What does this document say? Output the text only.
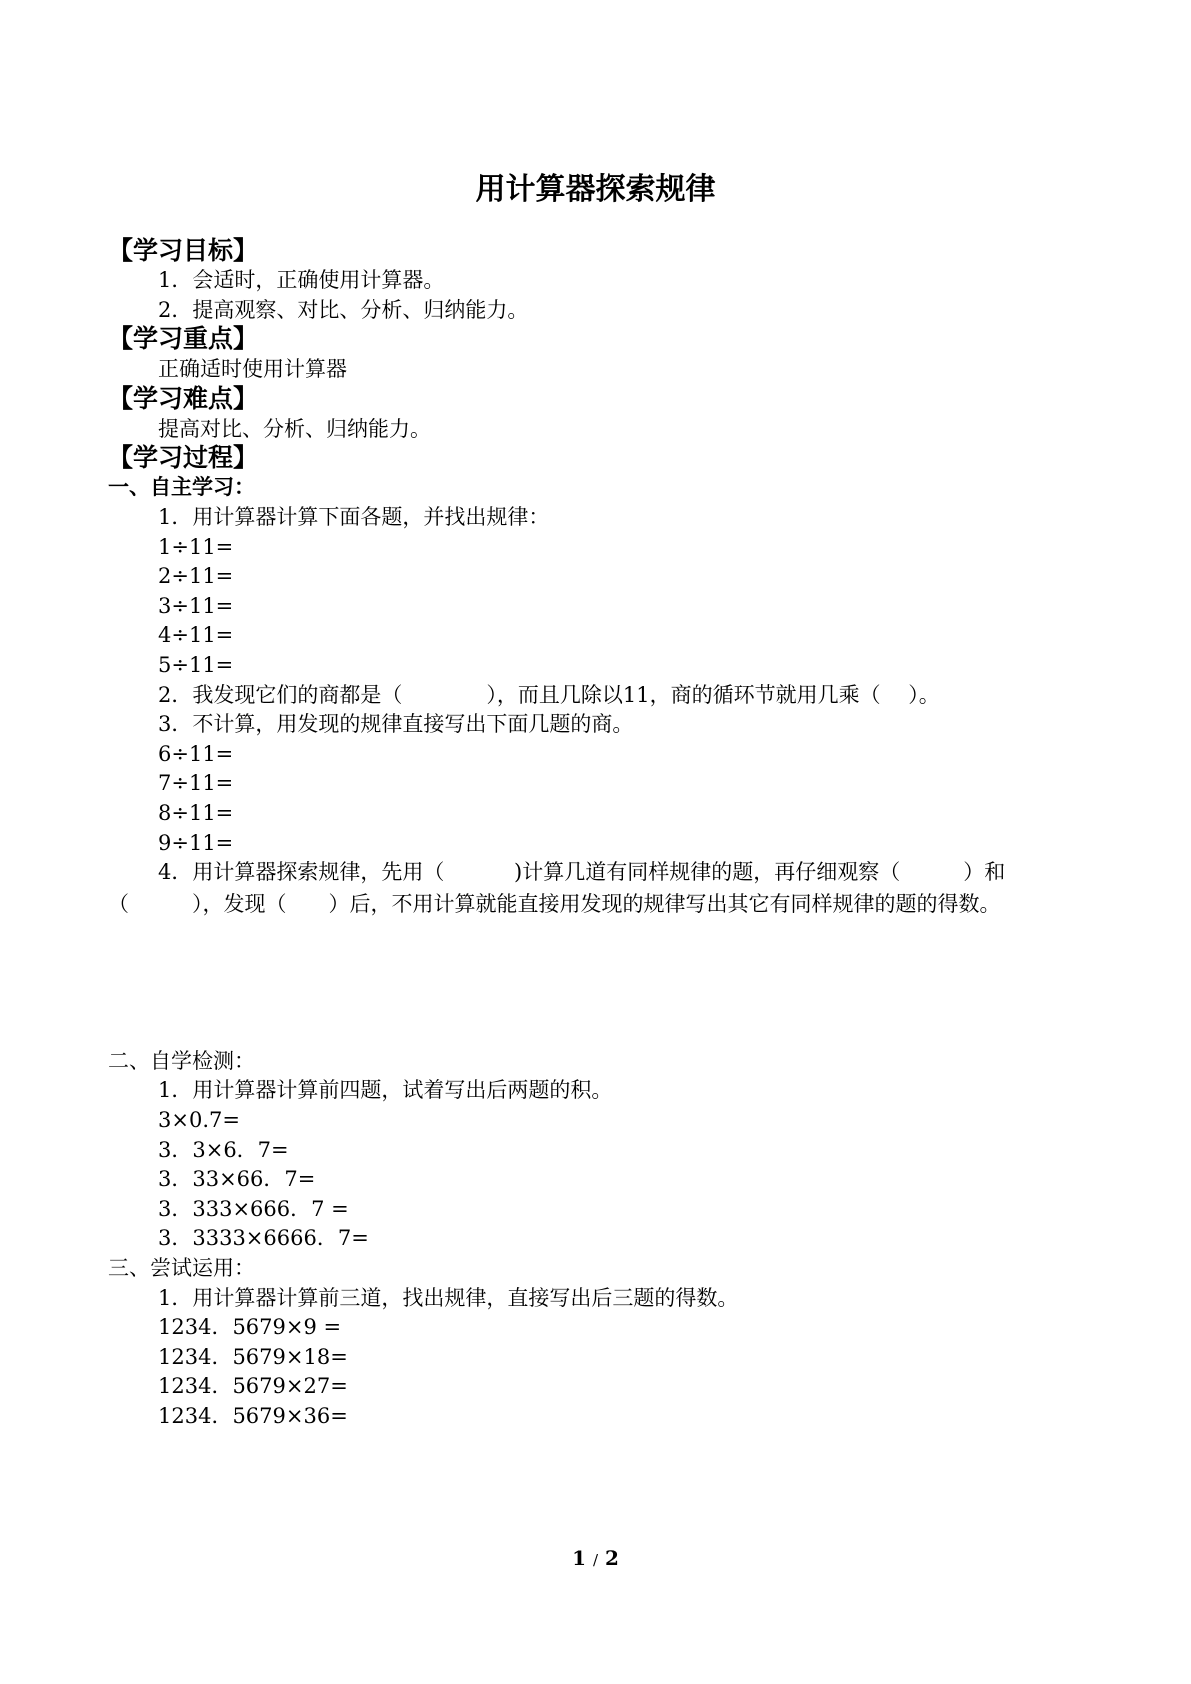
用计算器探索规律
【学习目标】
1．会适时，正确使用计算器。
2．提高观察、对比、分析、归纳能力。
【学习重点】
正确适时使用计算器
【学习难点】
提高对比、分析、归纳能力。
【学习过程】
一、自主学习：
1．用计算器计算下面各题，并找出规律：
1÷11=
2÷11=
3÷11=
4÷11=
5÷11=
2．我发现它们的商都是（　　　　），而且几除以11，商的循环节就用几乘（　 ）。
3．不计算，用发现的规律直接写出下面几题的商。
6÷11=
7÷11=
8÷11=
9÷11=
4．用计算器探索规律，先用（　　　 )计算几道有同样规律的题，再仔细观察（　　　）和（　　　），发现（　　）后，不用计算就能直接用发现的规律写出其它有同样规律的题的得数。
二、自学检测：
1．用计算器计算前四题，试着写出后两题的积。
3×0.7=
3．3×6．7=
3．33×66．7=
3．333×666．7 =
3．3333×6666．7=
三、尝试运用：
1．用计算器计算前三道，找出规律，直接写出后三题的得数。
1234．5679×9 =
1234．5679×18=
1234．5679×27=
1234．5679×36=
1 / 2
